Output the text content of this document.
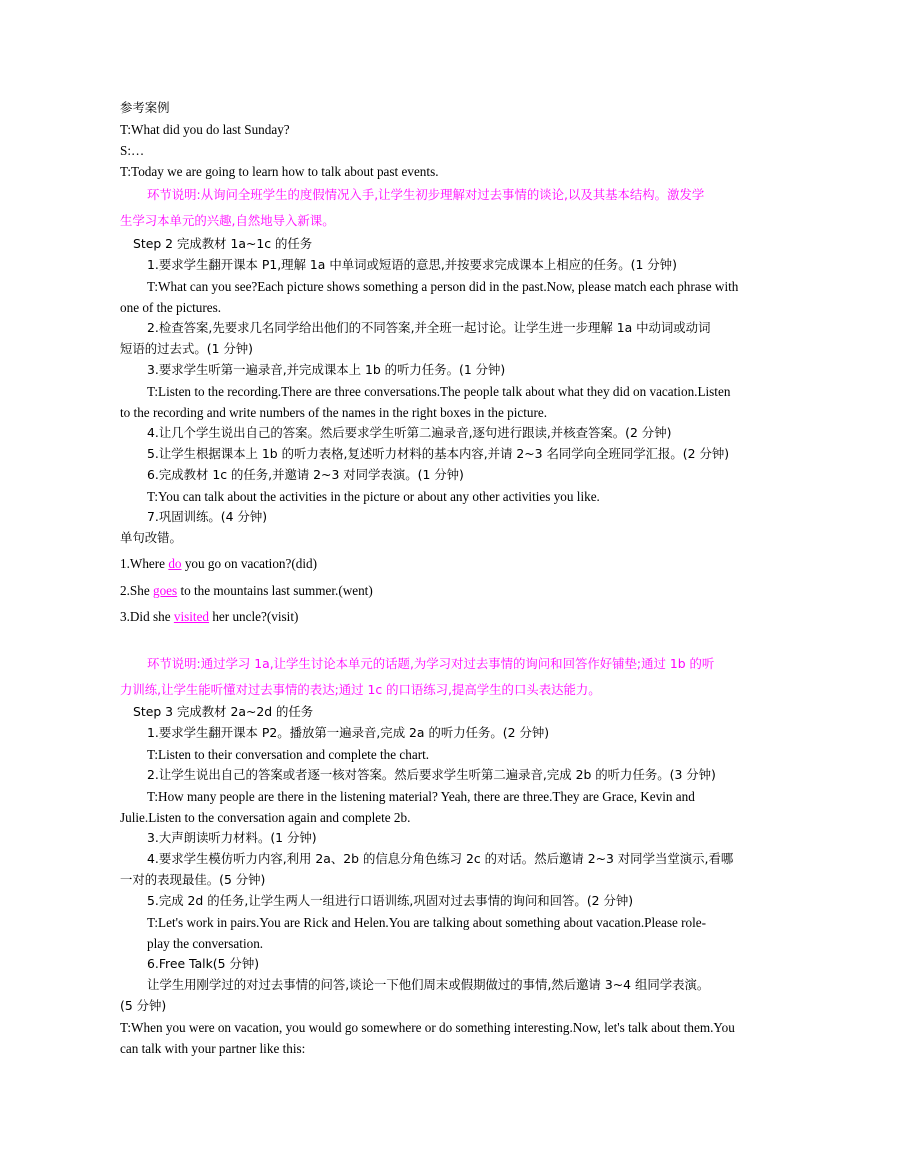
参考案例
T:What did you do last Sunday?
S:…
T:Today we are going to learn how to talk about past events.
环节说明:从询问全班学生的度假情况入手,让学生初步理解对过去事情的谈论,以及其基本结构。激发学
生学习本单元的兴趣,自然地导入新课。
Step 2 完成教材 1a~1c 的任务
1.要求学生翻开课本 P1,理解 1a 中单词或短语的意思,并按要求完成课本上相应的任务。(1 分钟)
T:What can you see?Each picture shows something a person did in the past.Now, please match each phrase with
one of the pictures.
2.检查答案,先要求几名同学给出他们的不同答案,并全班一起讨论。让学生进一步理解 1a 中动词或动词
短语的过去式。(1 分钟)
3.要求学生听第一遍录音,并完成课本上 1b 的听力任务。(1 分钟)
T:Listen to the recording.There are three conversations.The people talk about what they did on vacation.Listen
to the recording and write numbers of the names in the right boxes in the picture.
4.让几个学生说出自己的答案。然后要求学生听第二遍录音,逐句进行跟读,并核查答案。(2 分钟)
5.让学生根据课本上 1b 的听力表格,复述听力材料的基本内容,并请 2~3 名同学向全班同学汇报。(2 分钟)
6.完成教材 1c 的任务,并邀请 2~3 对同学表演。(1 分钟)
T:You can talk about the activities in the picture or about any other activities you like.
7.巩固训练。(4 分钟)
单句改错。
1.Where do you go on vacation?(did)
2.She goes to the mountains last summer.(went)
3.Did she visited her uncle?(visit)
环节说明:通过学习 1a,让学生讨论本单元的话题,为学习对过去事情的询问和回答作好铺垫;通过 1b 的听
力训练,让学生能听懂对过去事情的表达;通过 1c 的口语练习,提高学生的口头表达能力。
Step 3 完成教材 2a~2d 的任务
1.要求学生翻开课本 P2。播放第一遍录音,完成 2a 的听力任务。(2 分钟)
T:Listen to their conversation and complete the chart.
2.让学生说出自己的答案或者逐一核对答案。然后要求学生听第二遍录音,完成 2b 的听力任务。(3 分钟)
T:How many people are there in the listening material? Yeah, there are three.They are Grace, Kevin and
Julie.Listen to the conversation again and complete 2b.
3.大声朗读听力材料。(1 分钟)
4.要求学生模仿听力内容,利用 2a、2b 的信息分角色练习 2c 的对话。然后邀请 2~3 对同学当堂演示,看哪
一对的表现最佳。(5 分钟)
5.完成 2d 的任务,让学生两人一组进行口语训练,巩固对过去事情的询问和回答。(2 分钟)
T:Let's work in pairs.You are Rick and Helen.You are talking about something about vacation.Please role-
play the conversation.
6.Free Talk(5 分钟)
让学生用刚学过的对过去事情的问答,谈论一下他们周末或假期做过的事情,然后邀请 3~4 组同学表演。
(5 分钟)
T:When you were on vacation, you would go somewhere or do something interesting.Now, let's talk about them.You
can talk with your partner like this:
